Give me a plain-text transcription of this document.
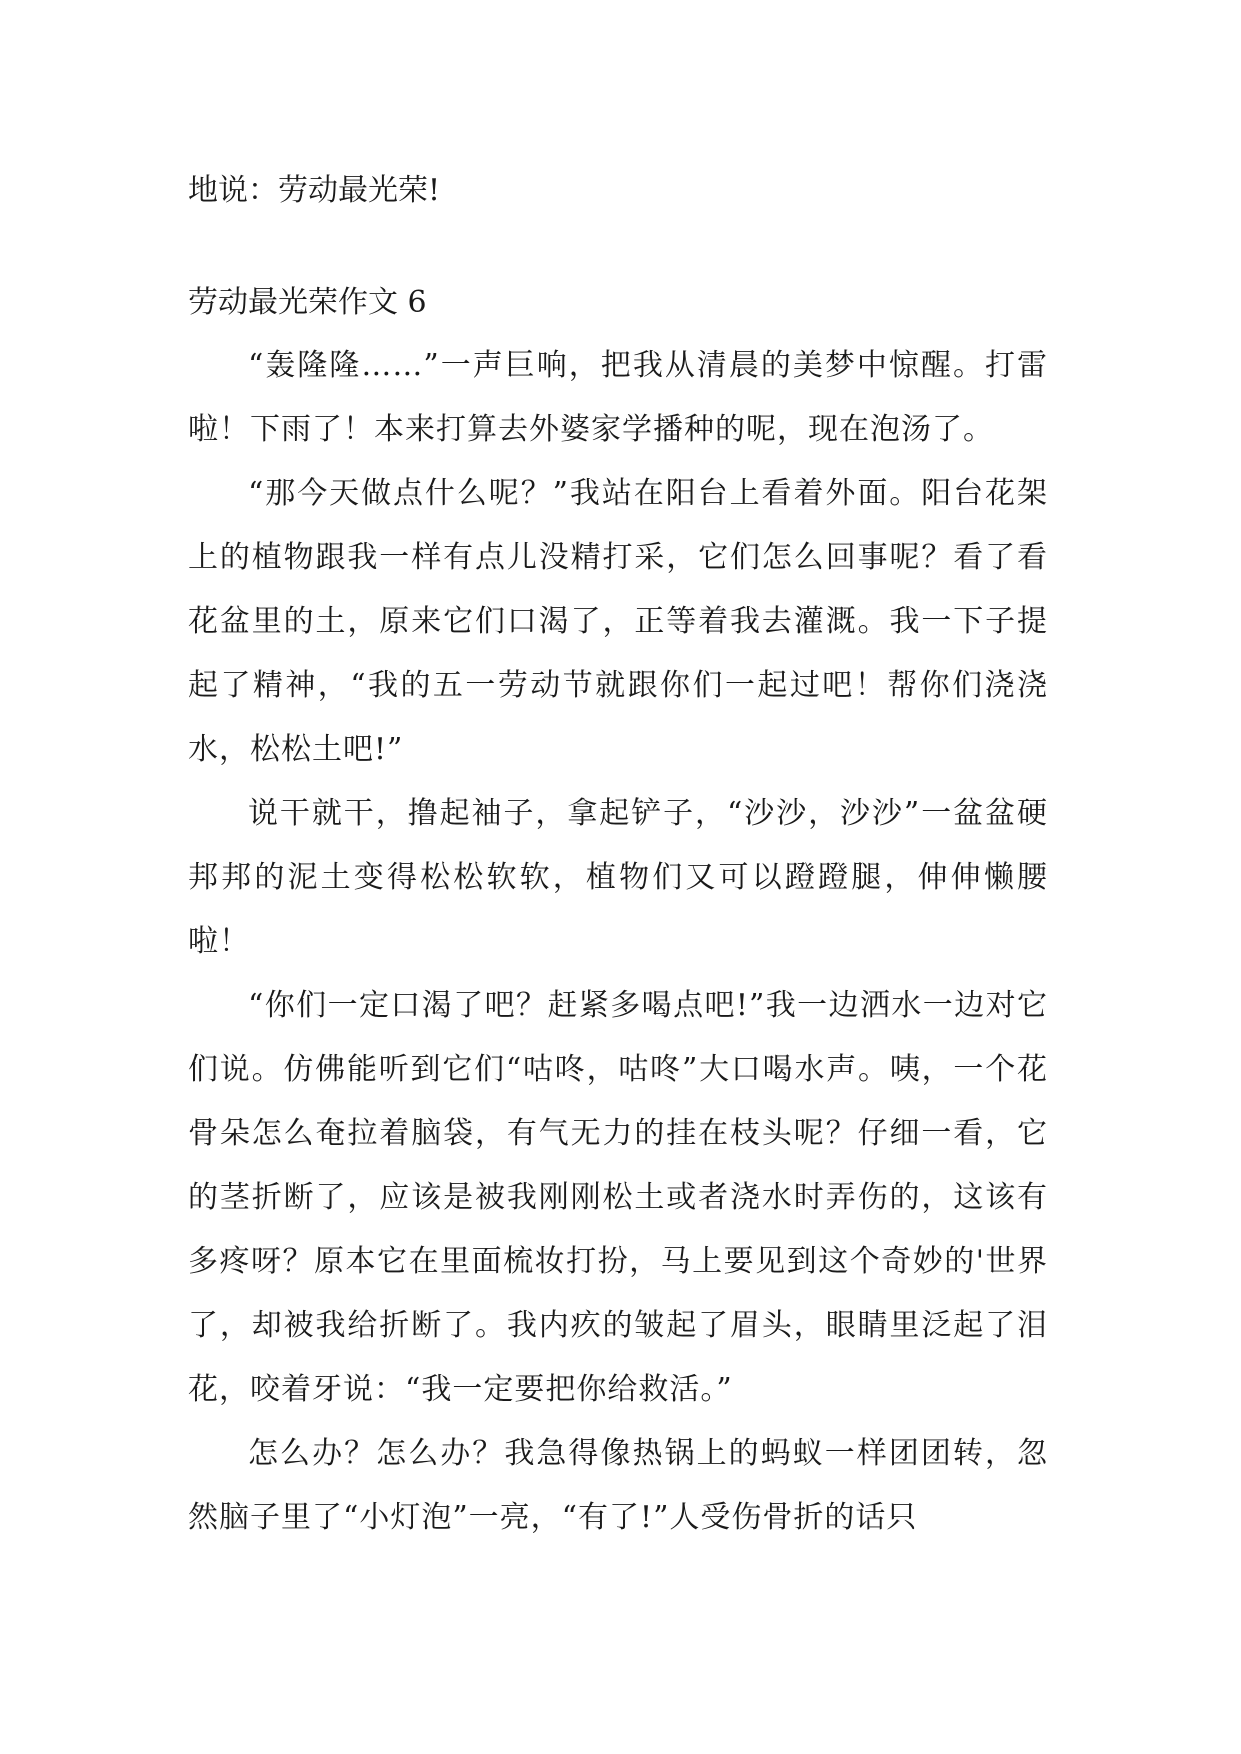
地说：劳动最光荣!

劳动最光荣作文 6

“轰隆隆……”一声巨响，把我从清晨的美梦中惊醒。打雷啦！下雨了！本来打算去外婆家学播种的呢，现在泡汤了。

“那今天做点什么呢？”我站在阳台上看着外面。阳台花架上的植物跟我一样有点儿没精打采，它们怎么回事呢？看了看花盆里的土，原来它们口渴了，正等着我去灌溉。我一下子提起了精神，“我的五一劳动节就跟你们一起过吧！帮你们浇浇水，松松土吧!”

说干就干，撸起袖子，拿起铲子，“沙沙，沙沙”一盆盆硬邦邦的泥土变得松松软软，植物们又可以蹬蹬腿，伸伸懒腰啦！

“你们一定口渴了吧？赶紧多喝点吧!”我一边洒水一边对它们说。仿佛能听到它们“咕咚，咕咚”大口喝水声。咦，一个花骨朵怎么奄拉着脑袋，有气无力的挂在枝头呢？仔细一看，它的茎折断了，应该是被我刚刚松土或者浇水时弄伤的，这该有多疼呀？原本它在里面梳妆打扮，马上要见到这个奇妙的'世界了，却被我给折断了。我内疚的皱起了眉头，眼睛里泛起了泪花，咬着牙说：“我一定要把你给救活。”

怎么办？怎么办？我急得像热锅上的蚂蚁一样团团转，忽然脑子里了“小灯泡”一亮，“有了!”人受伤骨折的话只
